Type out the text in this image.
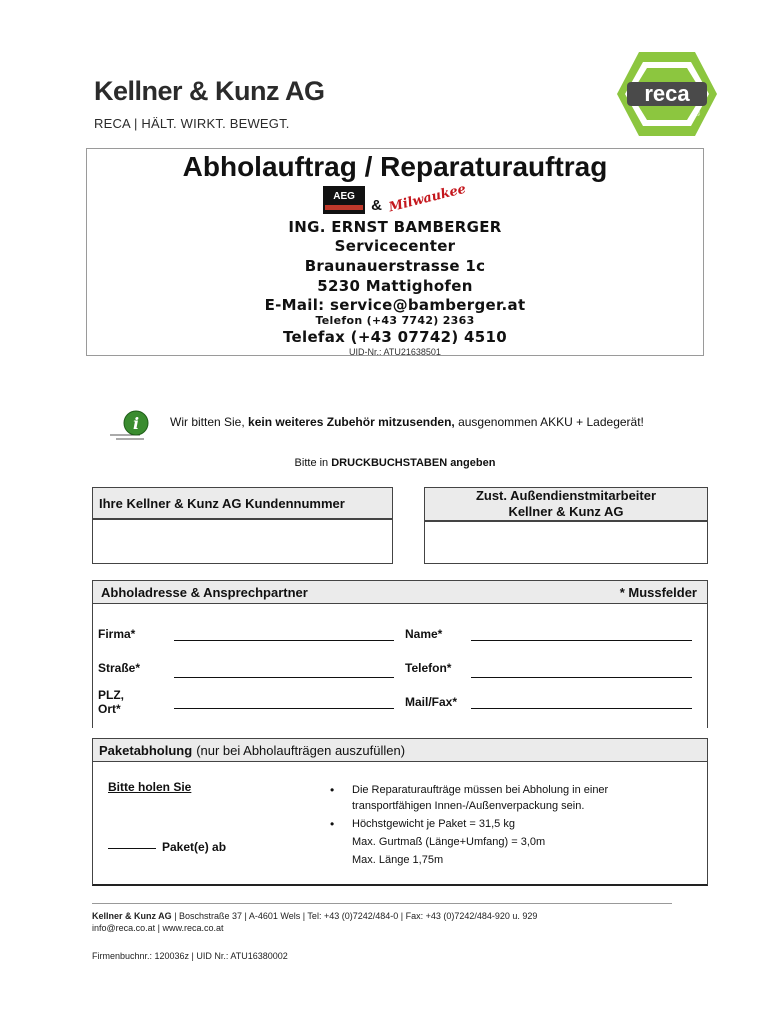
Kellner & Kunz AG
RECA | HÄLT. WIRKT. BEWEGT.
reca
®
Abholauftrag / Reparaturauftrag
AEG
& Milwaukee
ING. ERNST BAMBERGER
Servicecenter
Braunauerstrasse 1c
5230 Mattighofen
E-Mail: service@bamberger.at
Telefon (+43 7742) 2363
Telefax (+43 07742) 4510
UID-Nr.: ATU21638501
i	Wir bitten Sie, kein weiteres Zubehör mitzusenden, ausgenommen AKKU + Ladegerät!
Bitte in DRUCKBUCHSTABEN angeben
Ihre Kellner & Kunz AG Kundennummer	Zust. Außendienstmitarbeiter
Kellner & Kunz AG
Abholadresse & Ansprechpartner	* Mussfelder
Firma*	Name*
Straße*	Telefon*
PLZ,
Ort*	Mail/Fax*
Paketabholung (nur bei Abholaufträgen auszufüllen)
Bitte holen Sie
Paket(e) ab
• Die Reparaturaufträge müssen bei Abholung in einer transportfähigen Innen-/Außenverpackung sein.
• Höchstgewicht je Paket = 31,5 kg
Max. Gurtmaß (Länge+Umfang) = 3,0m
Max. Länge 1,75m
Kellner & Kunz AG | Boschstraße 37 | A-4601 Wels | Tel: +43 (0)7242/484-0 | Fax: +43 (0)7242/484-920 u. 929
info@reca.co.at | www.reca.co.at
Firmenbuchnr.: 120036z | UID Nr.: ATU16380002
